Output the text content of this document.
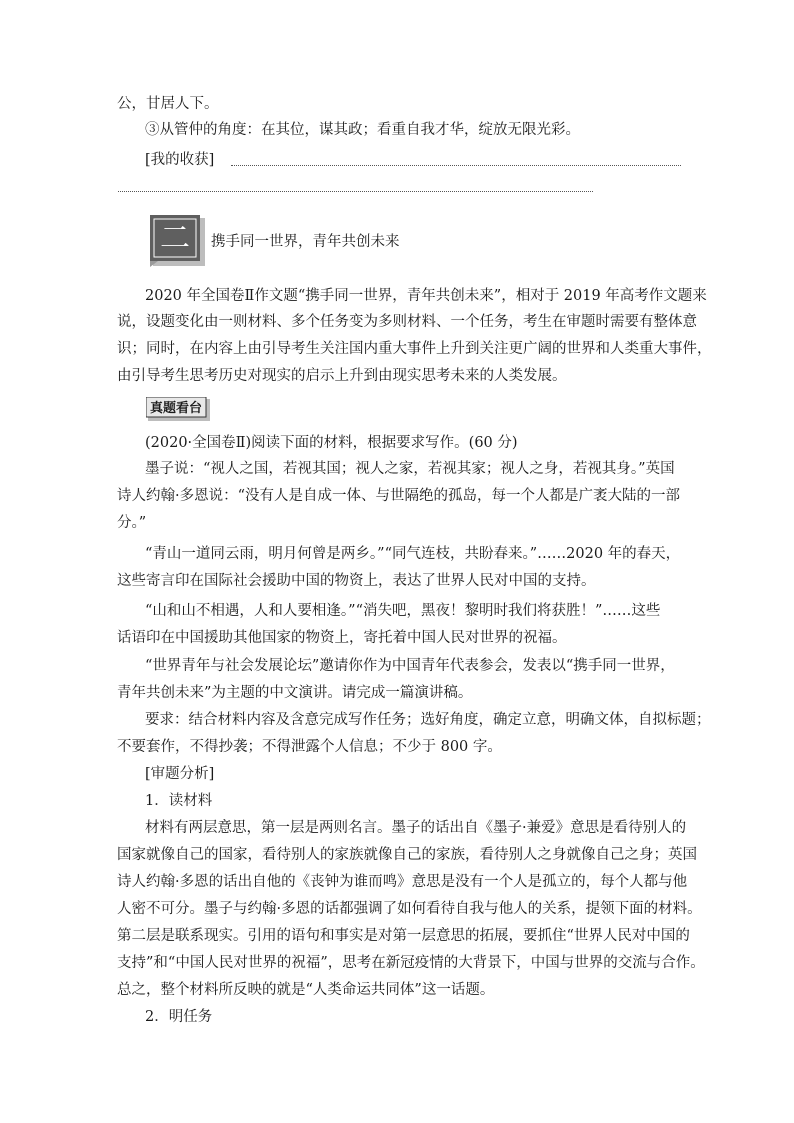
公，甘居人下。
③从管仲的角度：在其位，谋其政；看重自我才华，绽放无限光彩。
[我的收获]
二 携手同一世界，青年共创未来
2020 年全国卷Ⅱ作文题“携手同一世界，青年共创未来”，相对于 2019 年高考作文题来
说，设题变化由一则材料、多个任务变为多则材料、一个任务，考生在审题时需要有整体意
识；同时，在内容上由引导考生关注国内重大事件上升到关注更广阔的世界和人类重大事件，
由引导考生思考历史对现实的启示上升到由现实思考未来的人类发展。
真题看台
(2020·全国卷Ⅱ)阅读下面的材料，根据要求写作。(60 分)
墨子说：“视人之国，若视其国；视人之家，若视其家；视人之身，若视其身。”英国
诗人约翰·多恩说：“没有人是自成一体、与世隔绝的孤岛，每一个人都是广袤大陆的一部
分。”
“青山一道同云雨，明月何曾是两乡。”“同气连枝，共盼春来。”……2020 年的春天，
这些寄言印在国际社会援助中国的物资上，表达了世界人民对中国的支持。
“山和山不相遇，人和人要相逢。”“消失吧，黑夜！黎明时我们将获胜！”……这些
话语印在中国援助其他国家的物资上，寄托着中国人民对世界的祝福。
“世界青年与社会发展论坛”邀请你作为中国青年代表参会，发表以“携手同一世界，
青年共创未来”为主题的中文演讲。请完成一篇演讲稿。
要求：结合材料内容及含意完成写作任务；选好角度，确定立意，明确文体，自拟标题；
不要套作，不得抄袭；不得泄露个人信息；不少于 800 字。
[审题分析]
1．读材料
材料有两层意思，第一层是两则名言。墨子的话出自《墨子·兼爱》意思是看待别人的
国家就像自己的国家，看待别人的家族就像自己的家族，看待别人之身就像自己之身；英国
诗人约翰·多恩的话出自他的《丧钟为谁而鸣》意思是没有一个人是孤立的，每个人都与他
人密不可分。墨子与约翰·多恩的话都强调了如何看待自我与他人的关系，提领下面的材料。
第二层是联系现实。引用的语句和事实是对第一层意思的拓展，要抓住“世界人民对中国的
支持”和“中国人民对世界的祝福”，思考在新冠疫情的大背景下，中国与世界的交流与合作。
总之，整个材料所反映的就是“人类命运共同体”这一话题。
2．明任务
